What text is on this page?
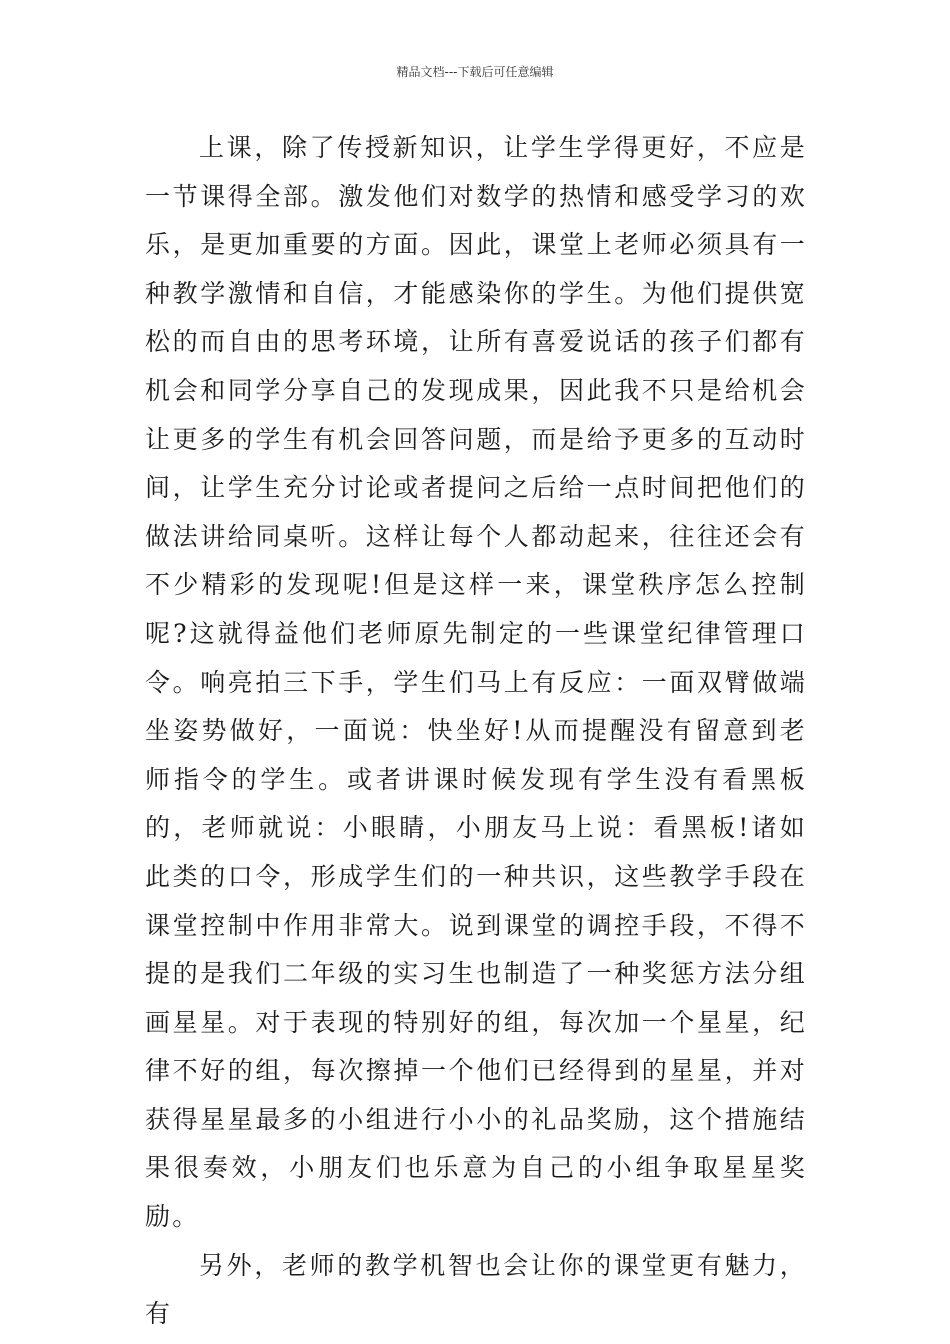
精品文档---下载后可任意编辑

上课，除了传授新知识，让学生学得更好，不应是一节课得全部。激发他们对数学的热情和感受学习的欢乐，是更加重要的方面。因此，课堂上老师必须具有一种教学激情和自信，才能感染你的学生。为他们提供宽松的而自由的思考环境，让所有喜爱说话的孩子们都有机会和同学分享自己的发现成果，因此我不只是给机会让更多的学生有机会回答问题，而是给予更多的互动时间，让学生充分讨论或者提问之后给一点时间把他们的做法讲给同桌听。这样让每个人都动起来，往往还会有不少精彩的发现呢!但是这样一来，课堂秩序怎么控制呢?这就得益他们老师原先制定的一些课堂纪律管理口令。响亮拍三下手，学生们马上有反应：一面双臂做端坐姿势做好，一面说：快坐好!从而提醒没有留意到老师指令的学生。或者讲课时候发现有学生没有看黑板的，老师就说：小眼睛，小朋友马上说：看黑板!诸如此类的口令，形成学生们的一种共识，这些教学手段在课堂控制中作用非常大。说到课堂的调控手段，不得不提的是我们二年级的实习生也制造了一种奖惩方法分组画星星。对于表现的特别好的组，每次加一个星星，纪律不好的组，每次擦掉一个他们已经得到的星星，并对获得星星最多的小组进行小小的礼品奖励，这个措施结果很奏效，小朋友们也乐意为自己的小组争取星星奖励。

另外，老师的教学机智也会让你的课堂更有魅力，有
